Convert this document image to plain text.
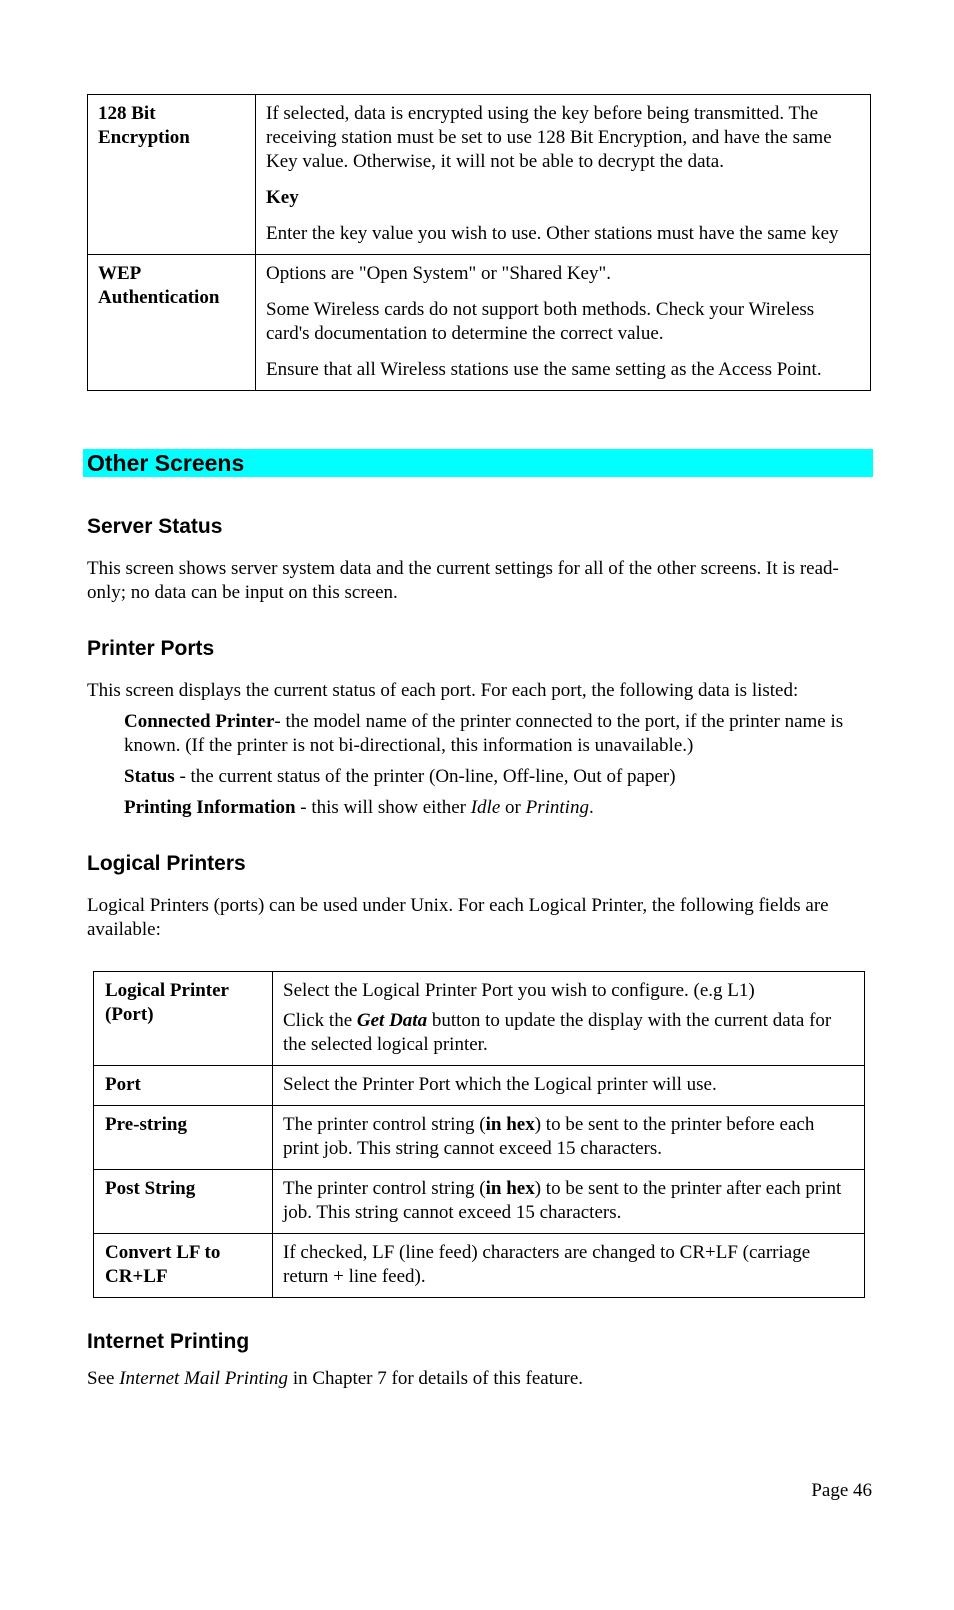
128 Bit Encryption	If selected, data is encrypted using the key before being transmitted. The receiving station must be set to use 128 Bit Encryption, and have the same Key value. Otherwise, it will not be able to decrypt the data.

Key

Enter the key value you wish to use. Other stations must have the same key

WEP Authentication	Options are "Open System" or "Shared Key".

Some Wireless cards do not support both methods. Check your Wireless card's documentation to determine the correct value.

Ensure that all Wireless stations use the same setting as the Access Point.

Other Screens
Server Status

This screen shows server system data and the current settings for all of the other screens. It is read-only; no data can be input on this screen.

Printer Ports

This screen displays the current status of each port. For each port, the following data is listed:

Connected Printer- the model name of the printer connected to the port, if the printer name is known. (If the printer is not bi-directional, this information is unavailable.)

Status - the current status of the printer (On-line, Off-line, Out of paper)

Printing Information - this will show either Idle or Printing.

Logical Printers

Logical Printers (ports) can be used under Unix. For each Logical Printer, the following fields are available:

Logical Printer (Port)	Select the Logical Printer Port you wish to configure. (e.g L1)

Click the Get Data button to update the display with the current data for the selected logical printer.

Port	Select the Printer Port which the Logical printer will use.
Pre-string	The printer control string (in hex) to be sent to the printer before each print job. This string cannot exceed 15 characters.
Post String	The printer control string (in hex) to be sent to the printer after each print job. This string cannot exceed 15 characters.
Convert LF to CR+LF	If checked, LF (line feed) characters are changed to CR+LF (carriage return + line feed).
Internet Printing

See Internet Mail Printing in Chapter 7 for details of this feature.

Page 46
